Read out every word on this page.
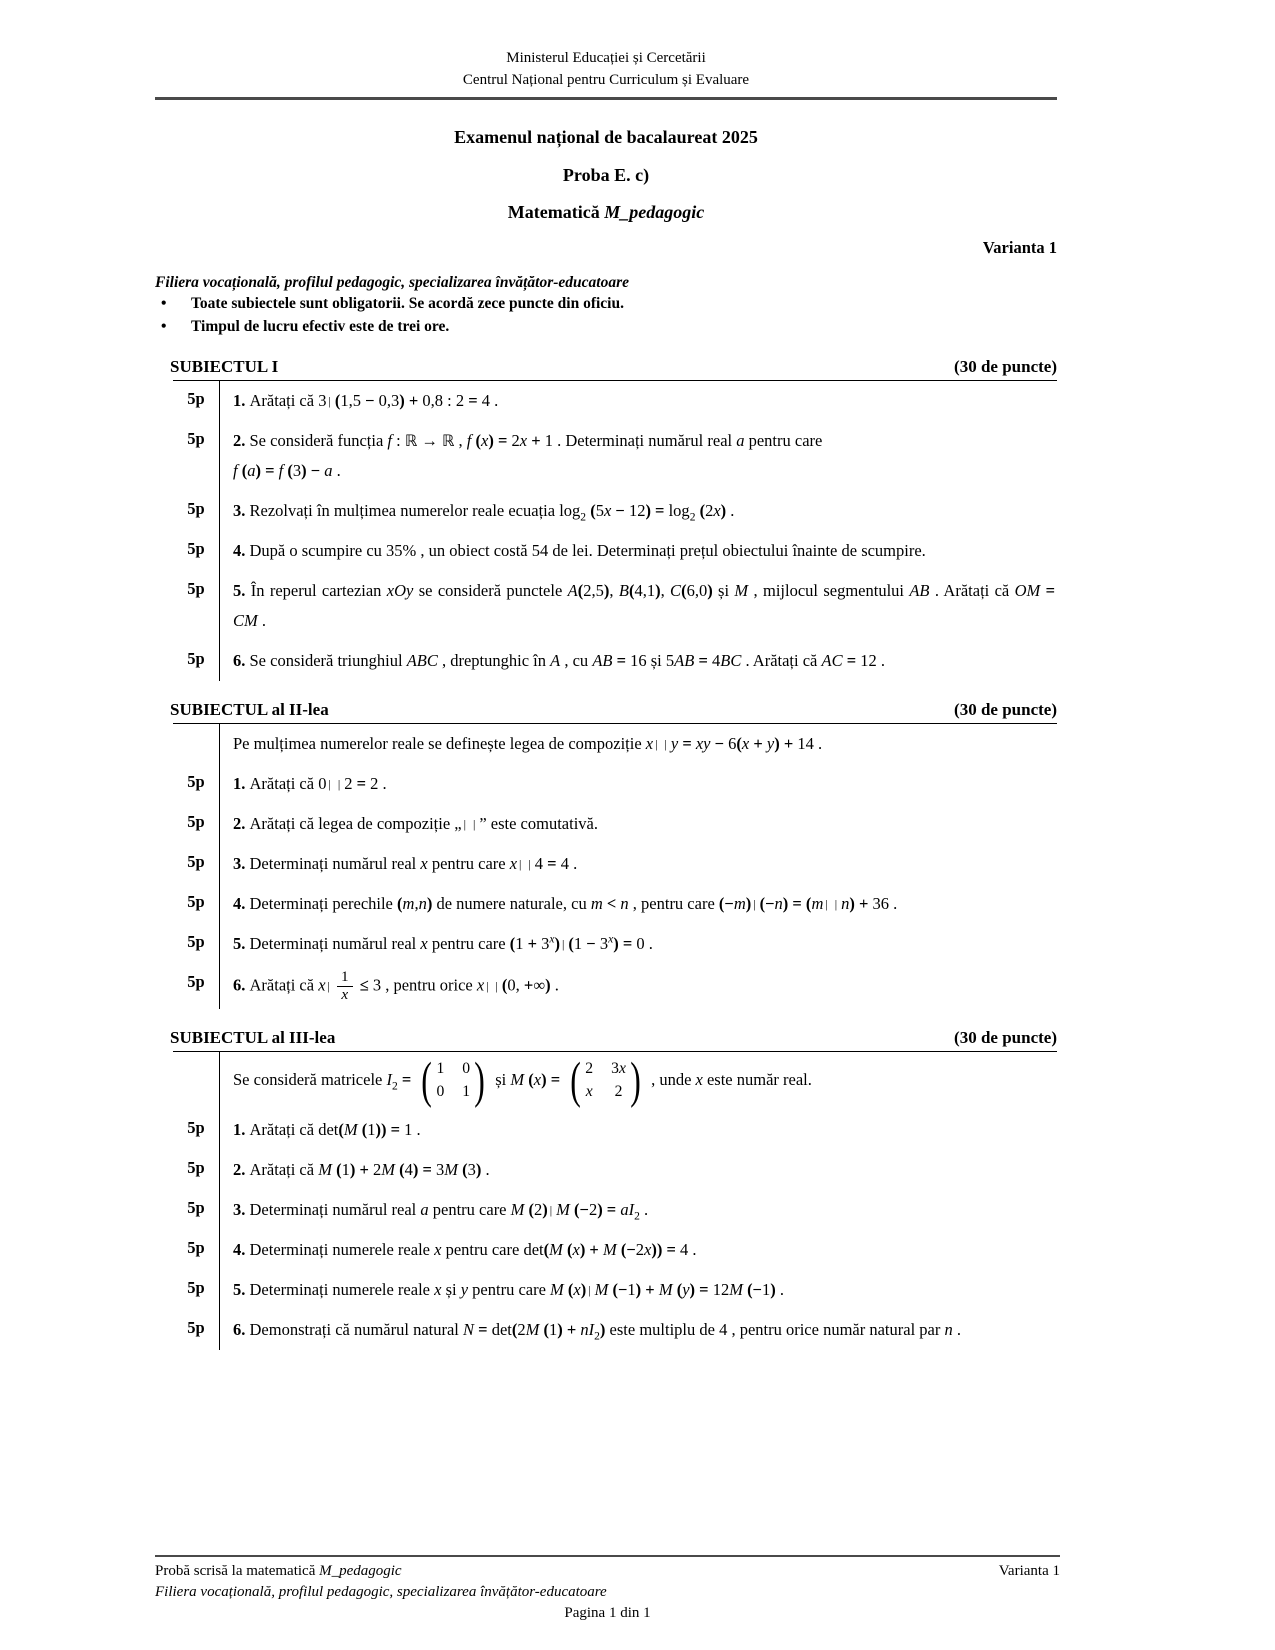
Ministerul Educației și Cercetării
Centrul Național pentru Curriculum și Evaluare
Examenul național de bacalaureat 2025
Proba E. c)
Matematică M_pedagogic
Varianta 1
Filiera vocațională, profilul pedagogic, specializarea învățător-educatoare
•	Toate subiectele sunt obligatorii. Se acordă zece puncte din oficiu.
•	Timpul de lucru efectiv este de trei ore.
SUBIECTUL I	(30 de puncte)
5p	1. Arătați că 3 | (1,5 − 0,3) + 0,8 : 2 = 4 .
5p	2. Se consideră funcția f : ℝ → ℝ , f (x) = 2x + 1 . Determinați numărul real a pentru care
f (a) = f (3) − a .
5p	3. Rezolvați în mulțimea numerelor reale ecuația $\log_2 (5x - 12) = \log_2 (2x)$ .
5p	4. După o scumpire cu 35% , un obiect costă 54 de lei. Determinați prețul obiectului înainte de scumpire.
5p	5. În reperul cartezian xOy se consideră punctele A(2,5), B(4,1), C(6,0) și M , mijlocul segmentului AB . Arătați că OM = CM .
5p	6. Se consideră triunghiul ABC , dreptunghic în A , cu AB = 16 și 5AB = 4BC . Arătați că AC = 12 .
SUBIECTUL al II-lea	(30 de puncte)
Pe mulțimea numerelor reale se definește legea de compoziție x | | y = xy − 6(x + y) + 14 .
5p	1. Arătați că 0 | | 2 = 2 .
5p	2. Arătați că legea de compoziție „ | | ” este comutativă.
5p	3. Determinați numărul real x pentru care x | | 4 = 4 .
5p	4. Determinați perechile (m,n) de numere naturale, cu m < n , pentru care (−m) | (−n) = (m | | n) + 36 .
5p	5. Determinați numărul real x pentru care $(1 + 3^x)$ | $(1 - 3^x) = 0$ .
5p	6. Arătați că x | $\frac{1}{x} \le 3$ , pentru orice x | | (0, +∞) .
SUBIECTUL al III-lea	(30 de puncte)
Se consideră matricele $I_2$ = ( 1 0
0 1 ) și M (x) = ( 2 3x
x 2 ) , unde x este număr real.
5p	1. Arătați că det(M (1)) = 1 .
5p	2. Arătați că M (1) + 2M (4) = 3M (3) .
5p	3. Determinați numărul real a pentru care M (2) | M $(-2) = aI_2$ .
5p	4. Determinați numerele reale x pentru care det(M (x) + M (−2x)) = 4 .
5p	5. Determinați numerele reale x și y pentru care M (x) | M (−1) + M (y) = 12M (−1) .
5p	6. Demonstrați că numărul natural N = det(2M $(1) + nI_2$) este multiplu de 4 , pentru orice număr natural par n .
Probă scrisă la matematică M_pedagogic	Varianta 1
Filiera vocațională, profilul pedagogic, specializarea învățător-educatoare
Pagina 1 din 1
